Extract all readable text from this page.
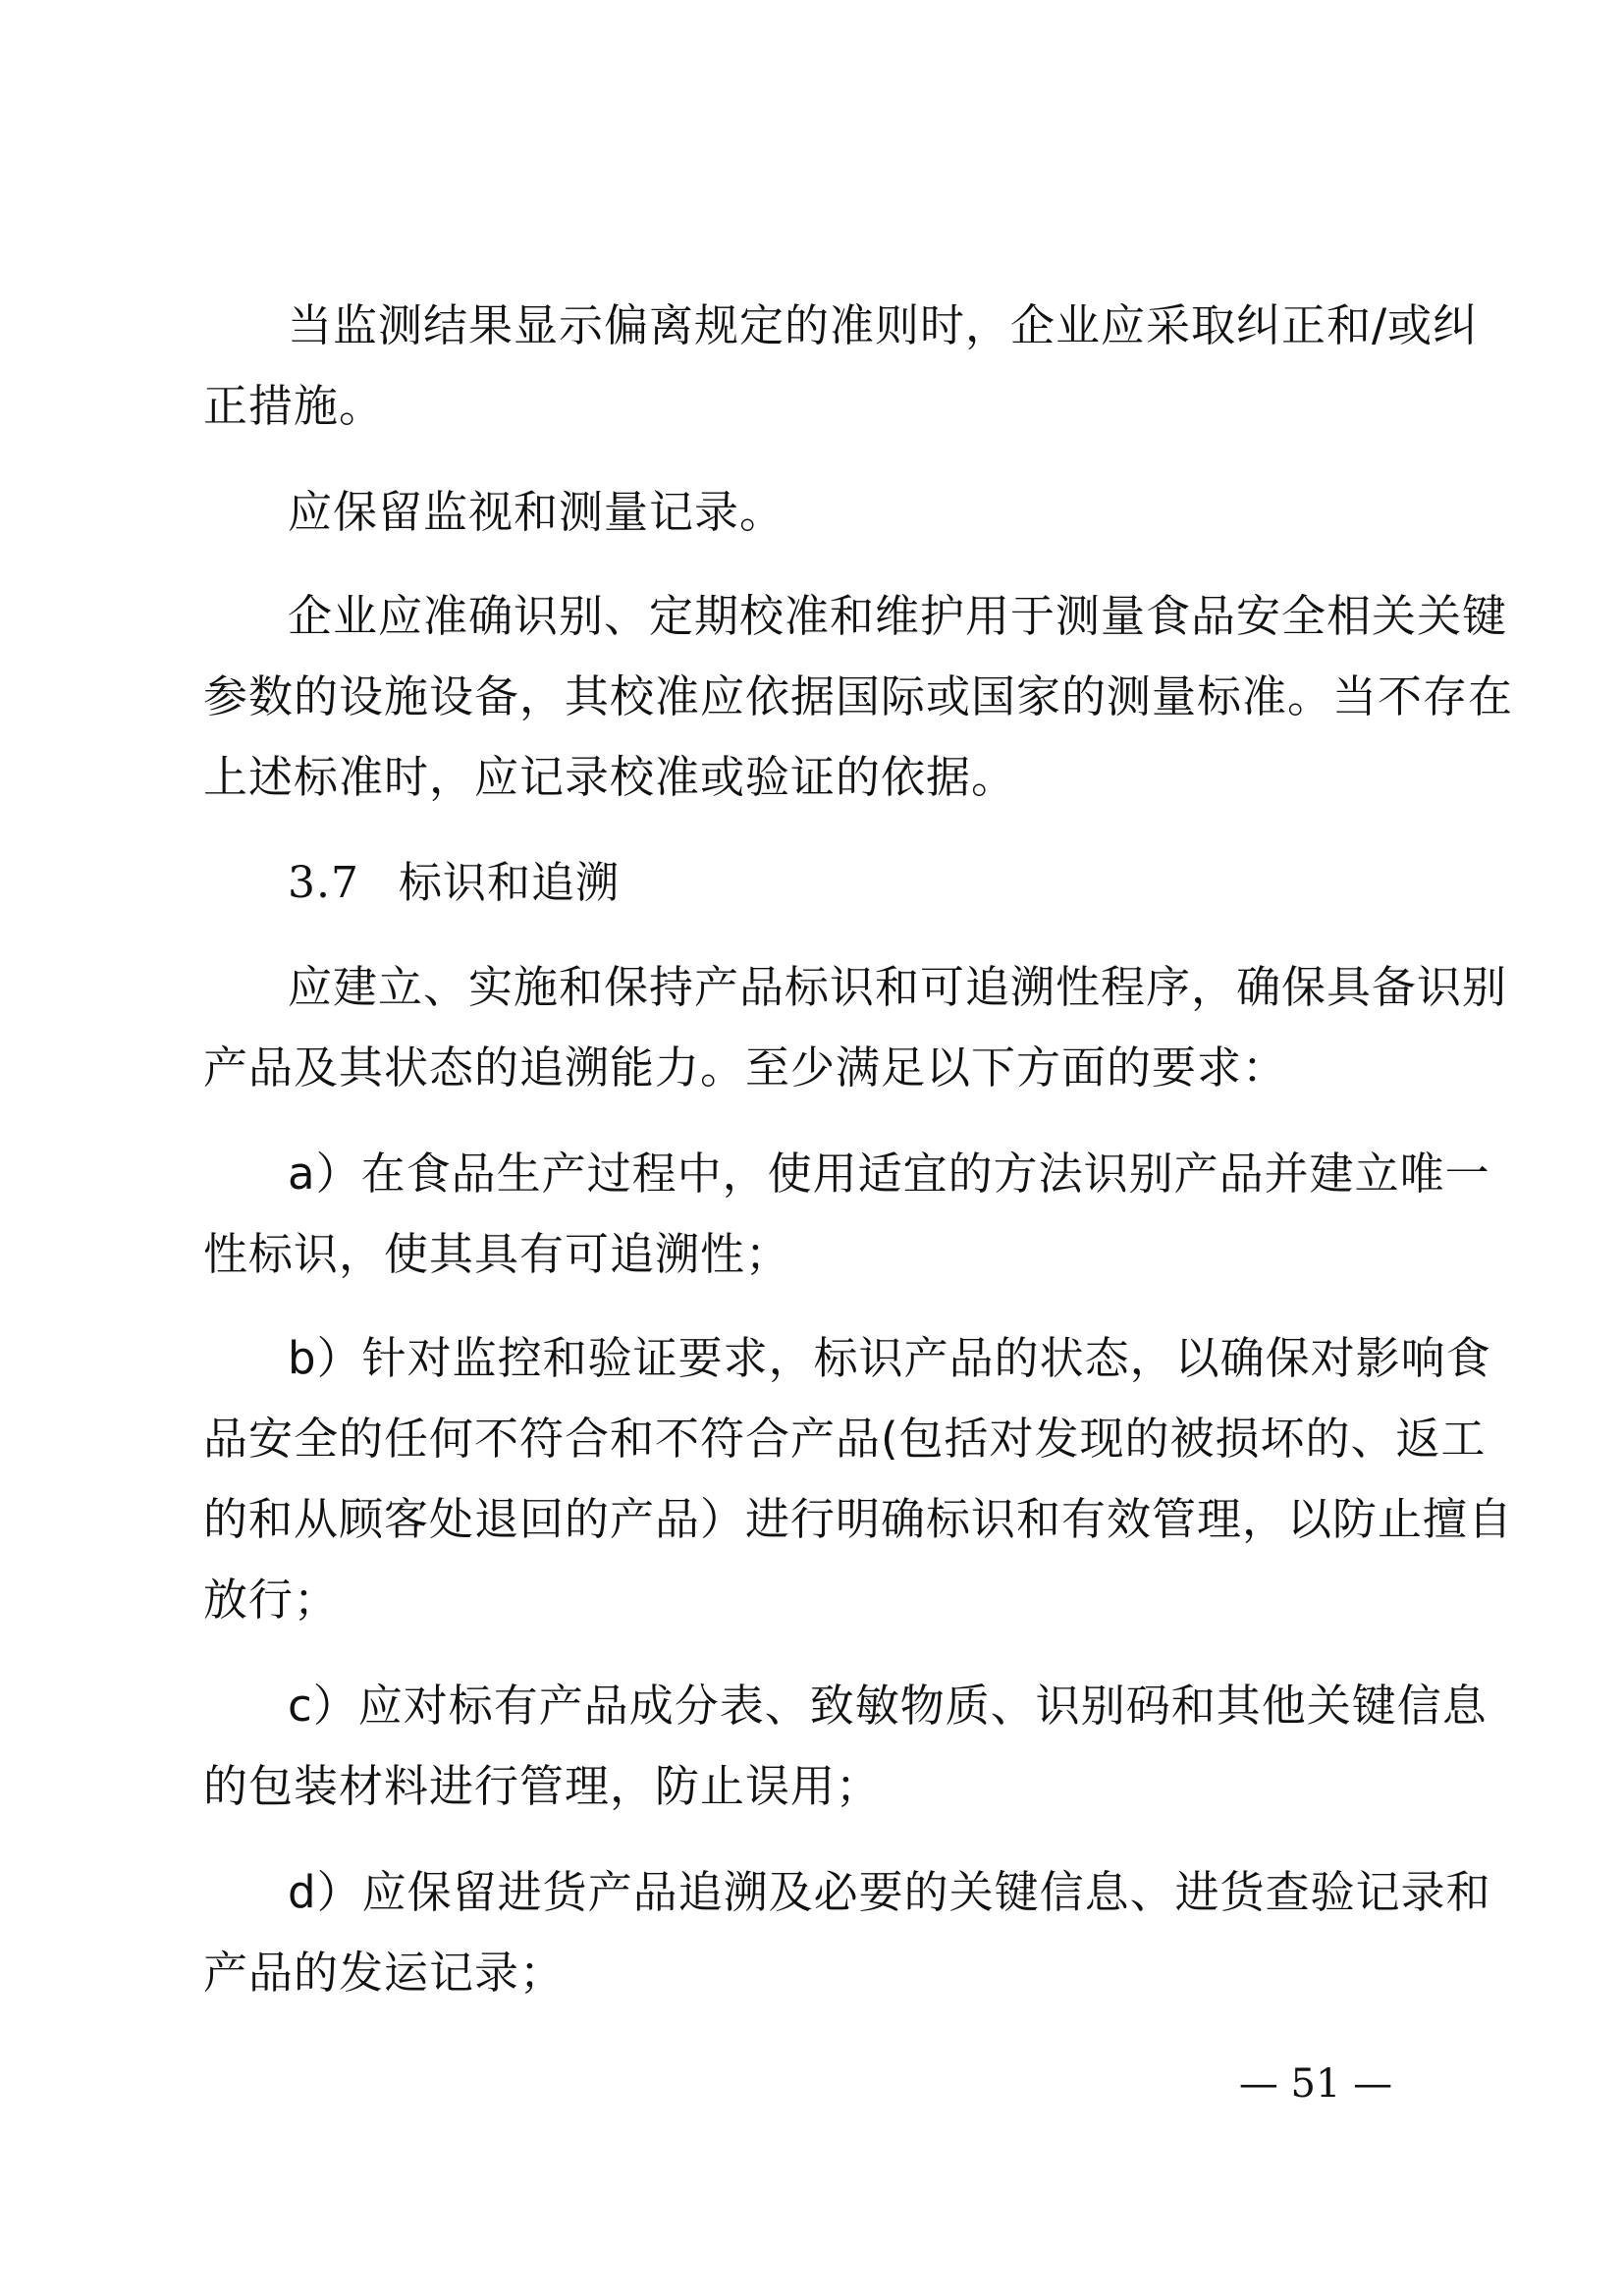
当监测结果显示偏离规定的准则时，企业应采取纠正和/或纠
正措施。
应保留监视和测量记录。
企业应准确识别、定期校准和维护用于测量食品安全相关关键
参数的设施设备，其校准应依据国际或国家的测量标准。当不存在
上述标准时，应记录校准或验证的依据。
3.7 标识和追溯
应建立、实施和保持产品标识和可追溯性程序，确保具备识别
产品及其状态的追溯能力。至少满足以下方面的要求：
a）在食品生产过程中，使用适宜的方法识别产品并建立唯一
性标识，使其具有可追溯性；
b）针对监控和验证要求，标识产品的状态，以确保对影响食
品安全的任何不符合和不符合产品(包括对发现的被损坏的、返工
的和从顾客处退回的产品）进行明确标识和有效管理，以防止擅自
放行；
c）应对标有产品成分表、致敏物质、识别码和其他关键信息
的包装材料进行管理，防止误用；
d）应保留进货产品追溯及必要的关键信息、进货查验记录和
产品的发运记录；
— 51 —
